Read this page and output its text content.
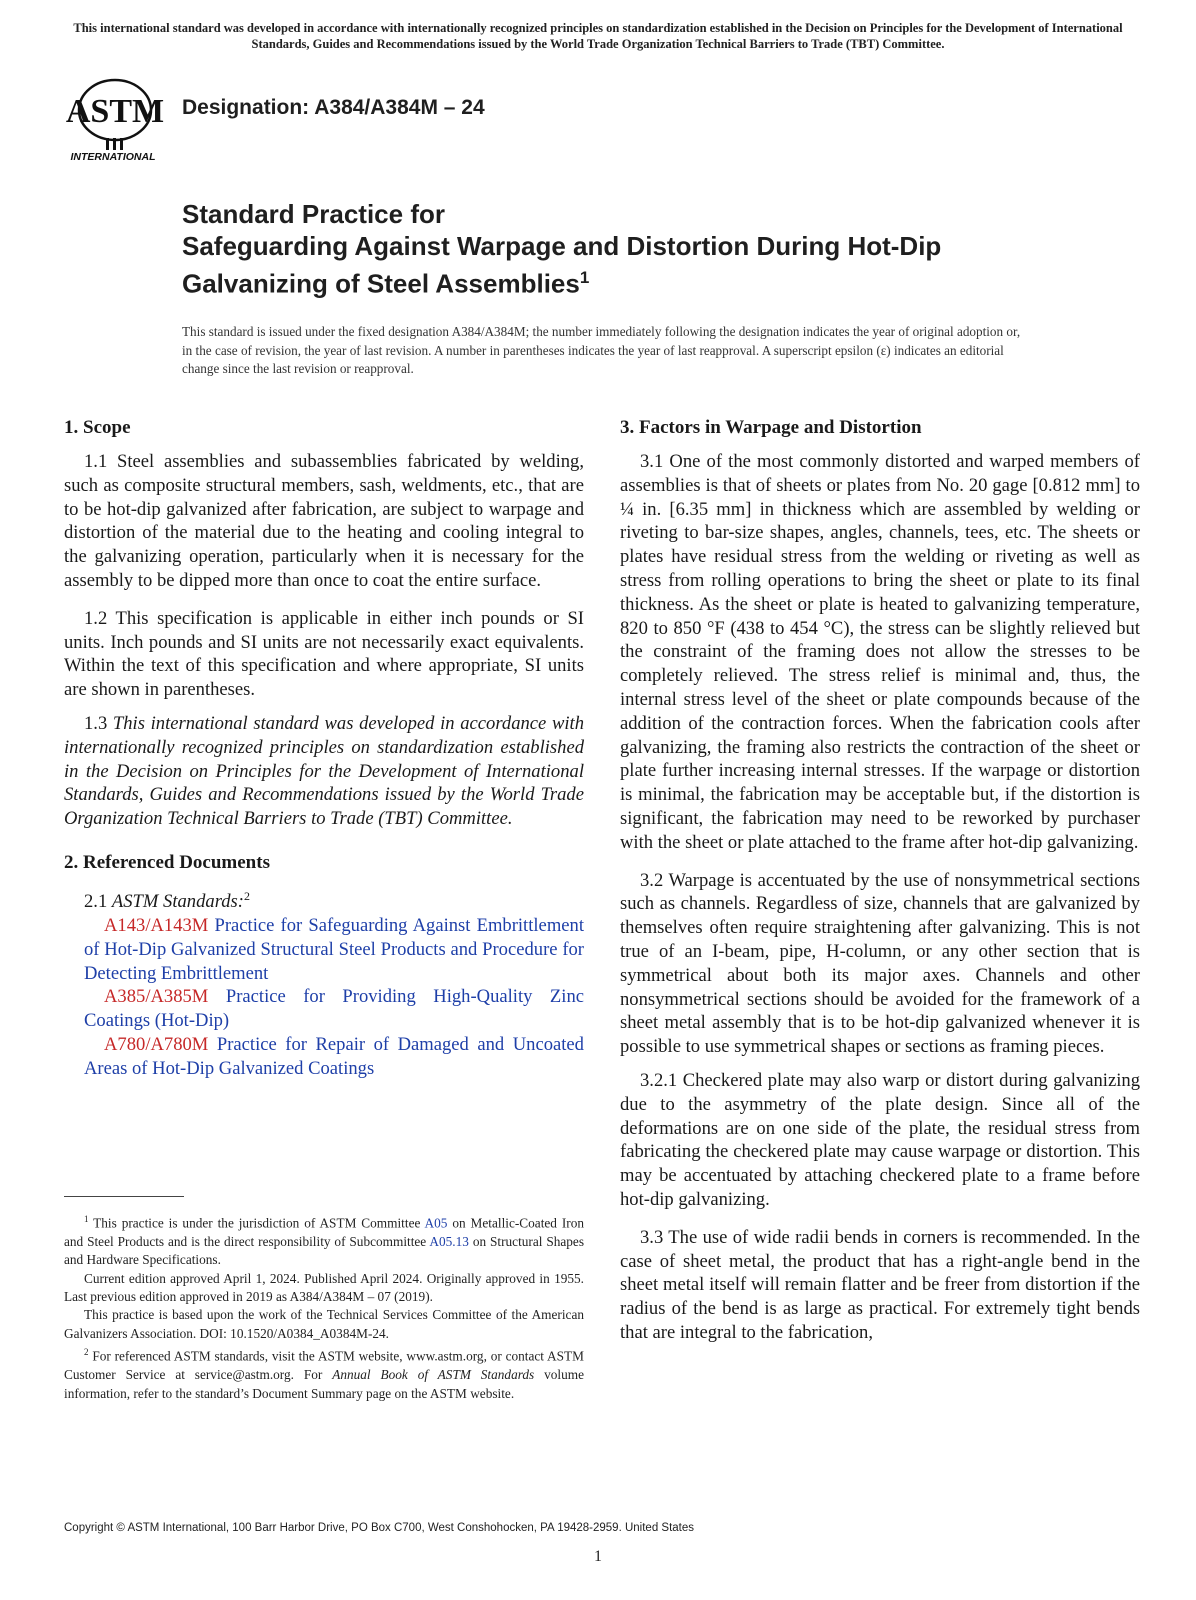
This international standard was developed in accordance with internationally recognized principles on standardization established in the Decision on Principles for the Development of International Standards, Guides and Recommendations issued by the World Trade Organization Technical Barriers to Trade (TBT) Committee.
ASTM
INTERNATIONAL
Designation: A384/A384M – 24
Standard Practice for
Safeguarding Against Warpage and Distortion During Hot-Dip Galvanizing of Steel Assemblies$^1$
This standard is issued under the fixed designation A384/A384M; the number immediately following the designation indicates the year of original adoption or, in the case of revision, the year of last revision. A number in parentheses indicates the year of last reapproval. A superscript epsilon (ε) indicates an editorial change since the last revision or reapproval.
1. Scope

1.1 Steel assemblies and subassemblies fabricated by welding, such as composite structural members, sash, weldments, etc., that are to be hot-dip galvanized after fabrication, are subject to warpage and distortion of the material due to the heating and cooling integral to the galvanizing operation, particularly when it is necessary for the assembly to be dipped more than once to coat the entire surface.

1.2 This specification is applicable in either inch pounds or SI units. Inch pounds and SI units are not necessarily exact equivalents. Within the text of this specification and where appropriate, SI units are shown in parentheses.

1.3 This international standard was developed in accordance with internationally recognized principles on standardization established in the Decision on Principles for the Development of International Standards, Guides and Recommendations issued by the World Trade Organization Technical Barriers to Trade (TBT) Committee.

2. Referenced Documents
2.1 ASTM Standards:$^2$

A143/A143M Practice for Safeguarding Against Embrittlement of Hot-Dip Galvanized Structural Steel Products and Procedure for Detecting Embrittlement

A385/A385M Practice for Providing High-Quality Zinc Coatings (Hot-Dip)

A780/A780M Practice for Repair of Damaged and Uncoated Areas of Hot-Dip Galvanized Coatings

$^1$ This practice is under the jurisdiction of ASTM Committee A05 on Metallic-Coated Iron and Steel Products and is the direct responsibility of Subcommittee A05.13 on Structural Shapes and Hardware Specifications.

Current edition approved April 1, 2024. Published April 2024. Originally approved in 1955. Last previous edition approved in 2019 as A384/A384M – 07 (2019).

This practice is based upon the work of the Technical Services Committee of the American Galvanizers Association. DOI: 10.1520/A0384_A0384M-24.

$^2$ For referenced ASTM standards, visit the ASTM website, www.astm.org, or contact ASTM Customer Service at service@astm.org. For Annual Book of ASTM Standards volume information, refer to the standard’s Document Summary page on the ASTM website.

3. Factors in Warpage and Distortion

3.1 One of the most commonly distorted and warped members of assemblies is that of sheets or plates from No. 20 gage [0.812 mm] to ¼ in. [6.35 mm] in thickness which are assembled by welding or riveting to bar-size shapes, angles, channels, tees, etc. The sheets or plates have residual stress from the welding or riveting as well as stress from rolling operations to bring the sheet or plate to its final thickness. As the sheet or plate is heated to galvanizing temperature, 820 to 850 °F (438 to 454 °C), the stress can be slightly relieved but the constraint of the framing does not allow the stresses to be completely relieved. The stress relief is minimal and, thus, the internal stress level of the sheet or plate compounds because of the addition of the contraction forces. When the fabrication cools after galvanizing, the framing also restricts the contraction of the sheet or plate further increasing internal stresses. If the warpage or distortion is minimal, the fabrication may be acceptable but, if the distortion is significant, the fabrication may need to be reworked by purchaser with the sheet or plate attached to the frame after hot-dip galvanizing.

3.2 Warpage is accentuated by the use of nonsymmetrical sections such as channels. Regardless of size, channels that are galvanized by themselves often require straightening after galvanizing. This is not true of an I-beam, pipe, H-column, or any other section that is symmetrical about both its major axes. Channels and other nonsymmetrical sections should be avoided for the framework of a sheet metal assembly that is to be hot-dip galvanized whenever it is possible to use symmetrical shapes or sections as framing pieces.

3.2.1 Checkered plate may also warp or distort during galvanizing due to the asymmetry of the plate design. Since all of the deformations are on one side of the plate, the residual stress from fabricating the checkered plate may cause warpage or distortion. This may be accentuated by attaching checkered plate to a frame before hot-dip galvanizing.

3.3 The use of wide radii bends in corners is recommended. In the case of sheet metal, the product that has a right-angle bend in the sheet metal itself will remain flatter and be freer from distortion if the radius of the bend is as large as practical. For extremely tight bends that are integral to the fabrication,

Copyright © ASTM International, 100 Barr Harbor Drive, PO Box C700, West Conshohocken, PA 19428-2959. United States
1
